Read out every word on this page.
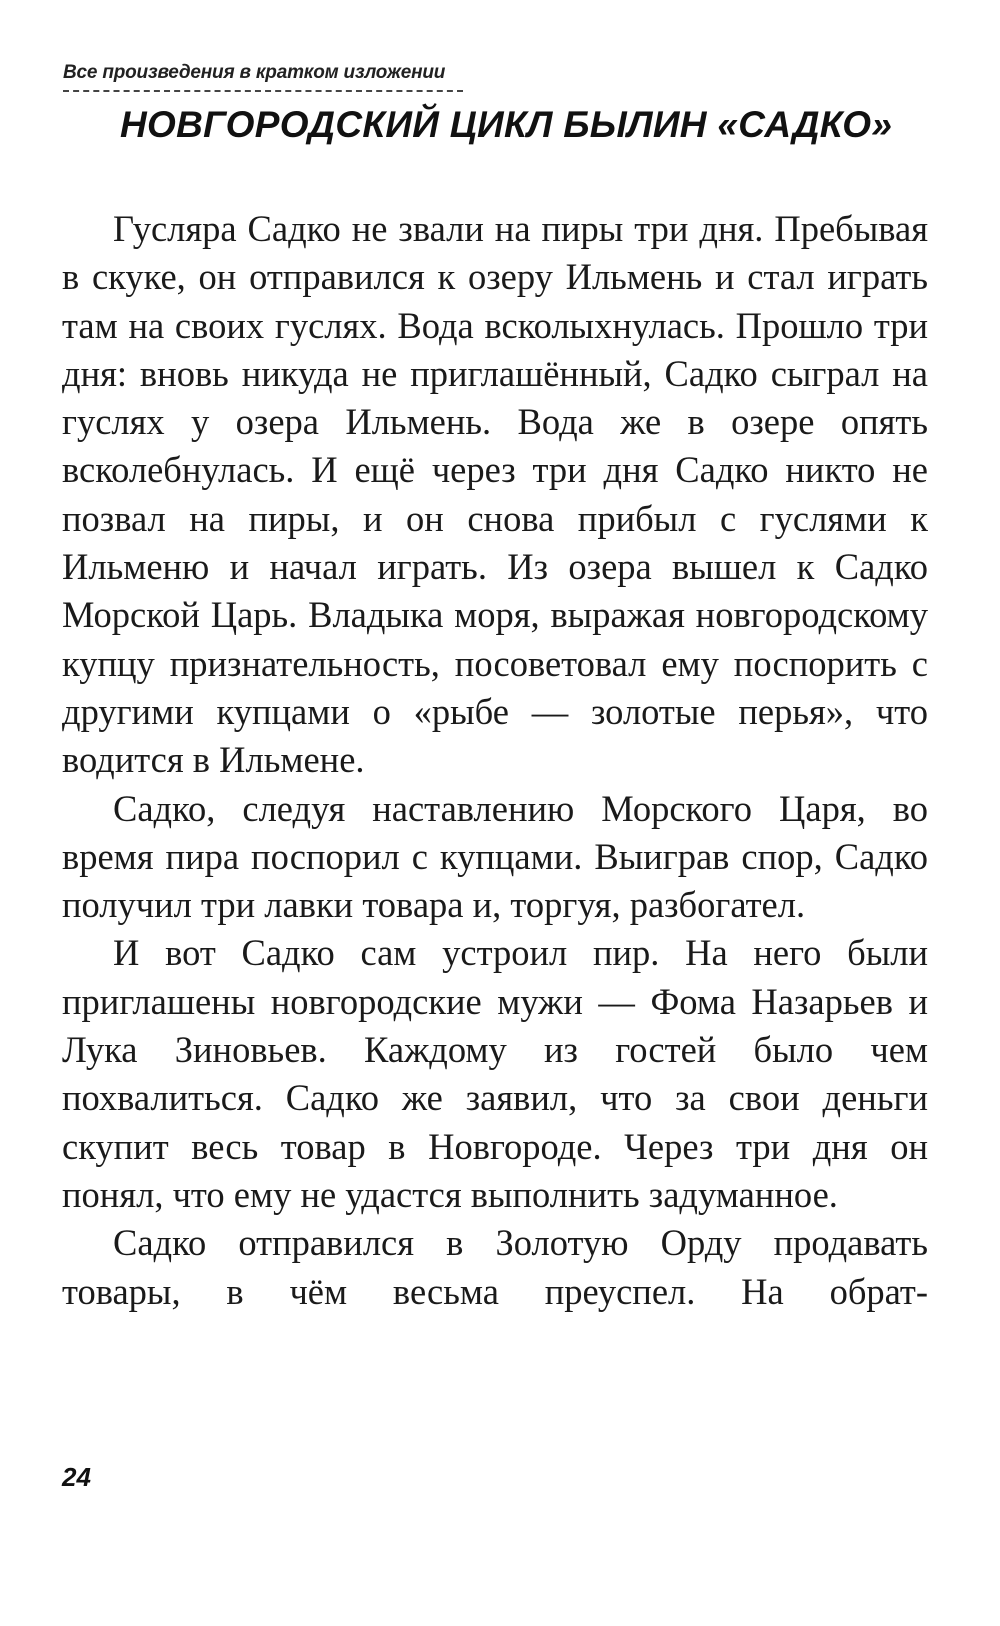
Все произведения в кратком изложении
НОВГОРОДСКИЙ ЦИКЛ БЫЛИН «САДКО»

Гусляра Садко не звали на пиры три дня. Пребывая в скуке, он отправился к озеру Ильмень и стал играть там на своих гуслях. Вода всколыхнулась. Прошло три дня: вновь никуда не приглашённый, Садко сыграл на гуслях у озера Ильмень. Вода же в озере опять всколебнулась. И ещё через три дня Садко никто не позвал на пиры, и он снова прибыл с гуслями к Ильменю и начал играть. Из озера вышел к Садко Морской Царь. Владыка моря, выражая новгородскому купцу признательность, посоветовал ему поспорить с другими купцами о «рыбе — золотые перья», что водится в Ильмене.

Садко, следуя наставлению Морского Царя, во время пира поспорил с купцами. Выиграв спор, Садко получил три лавки товара и, торгуя, разбогател.

И вот Садко сам устроил пир. На него были приглашены новгородские мужи — Фома Назарьев и Лука Зиновьев. Каждому из гостей было чем похвалиться. Садко же заявил, что за свои деньги скупит весь товар в Новгороде. Через три дня он понял, что ему не удастся выполнить задуманное.

Садко отправился в Золотую Орду продавать товары, в чём весьма преуспел. На обрат-

24
